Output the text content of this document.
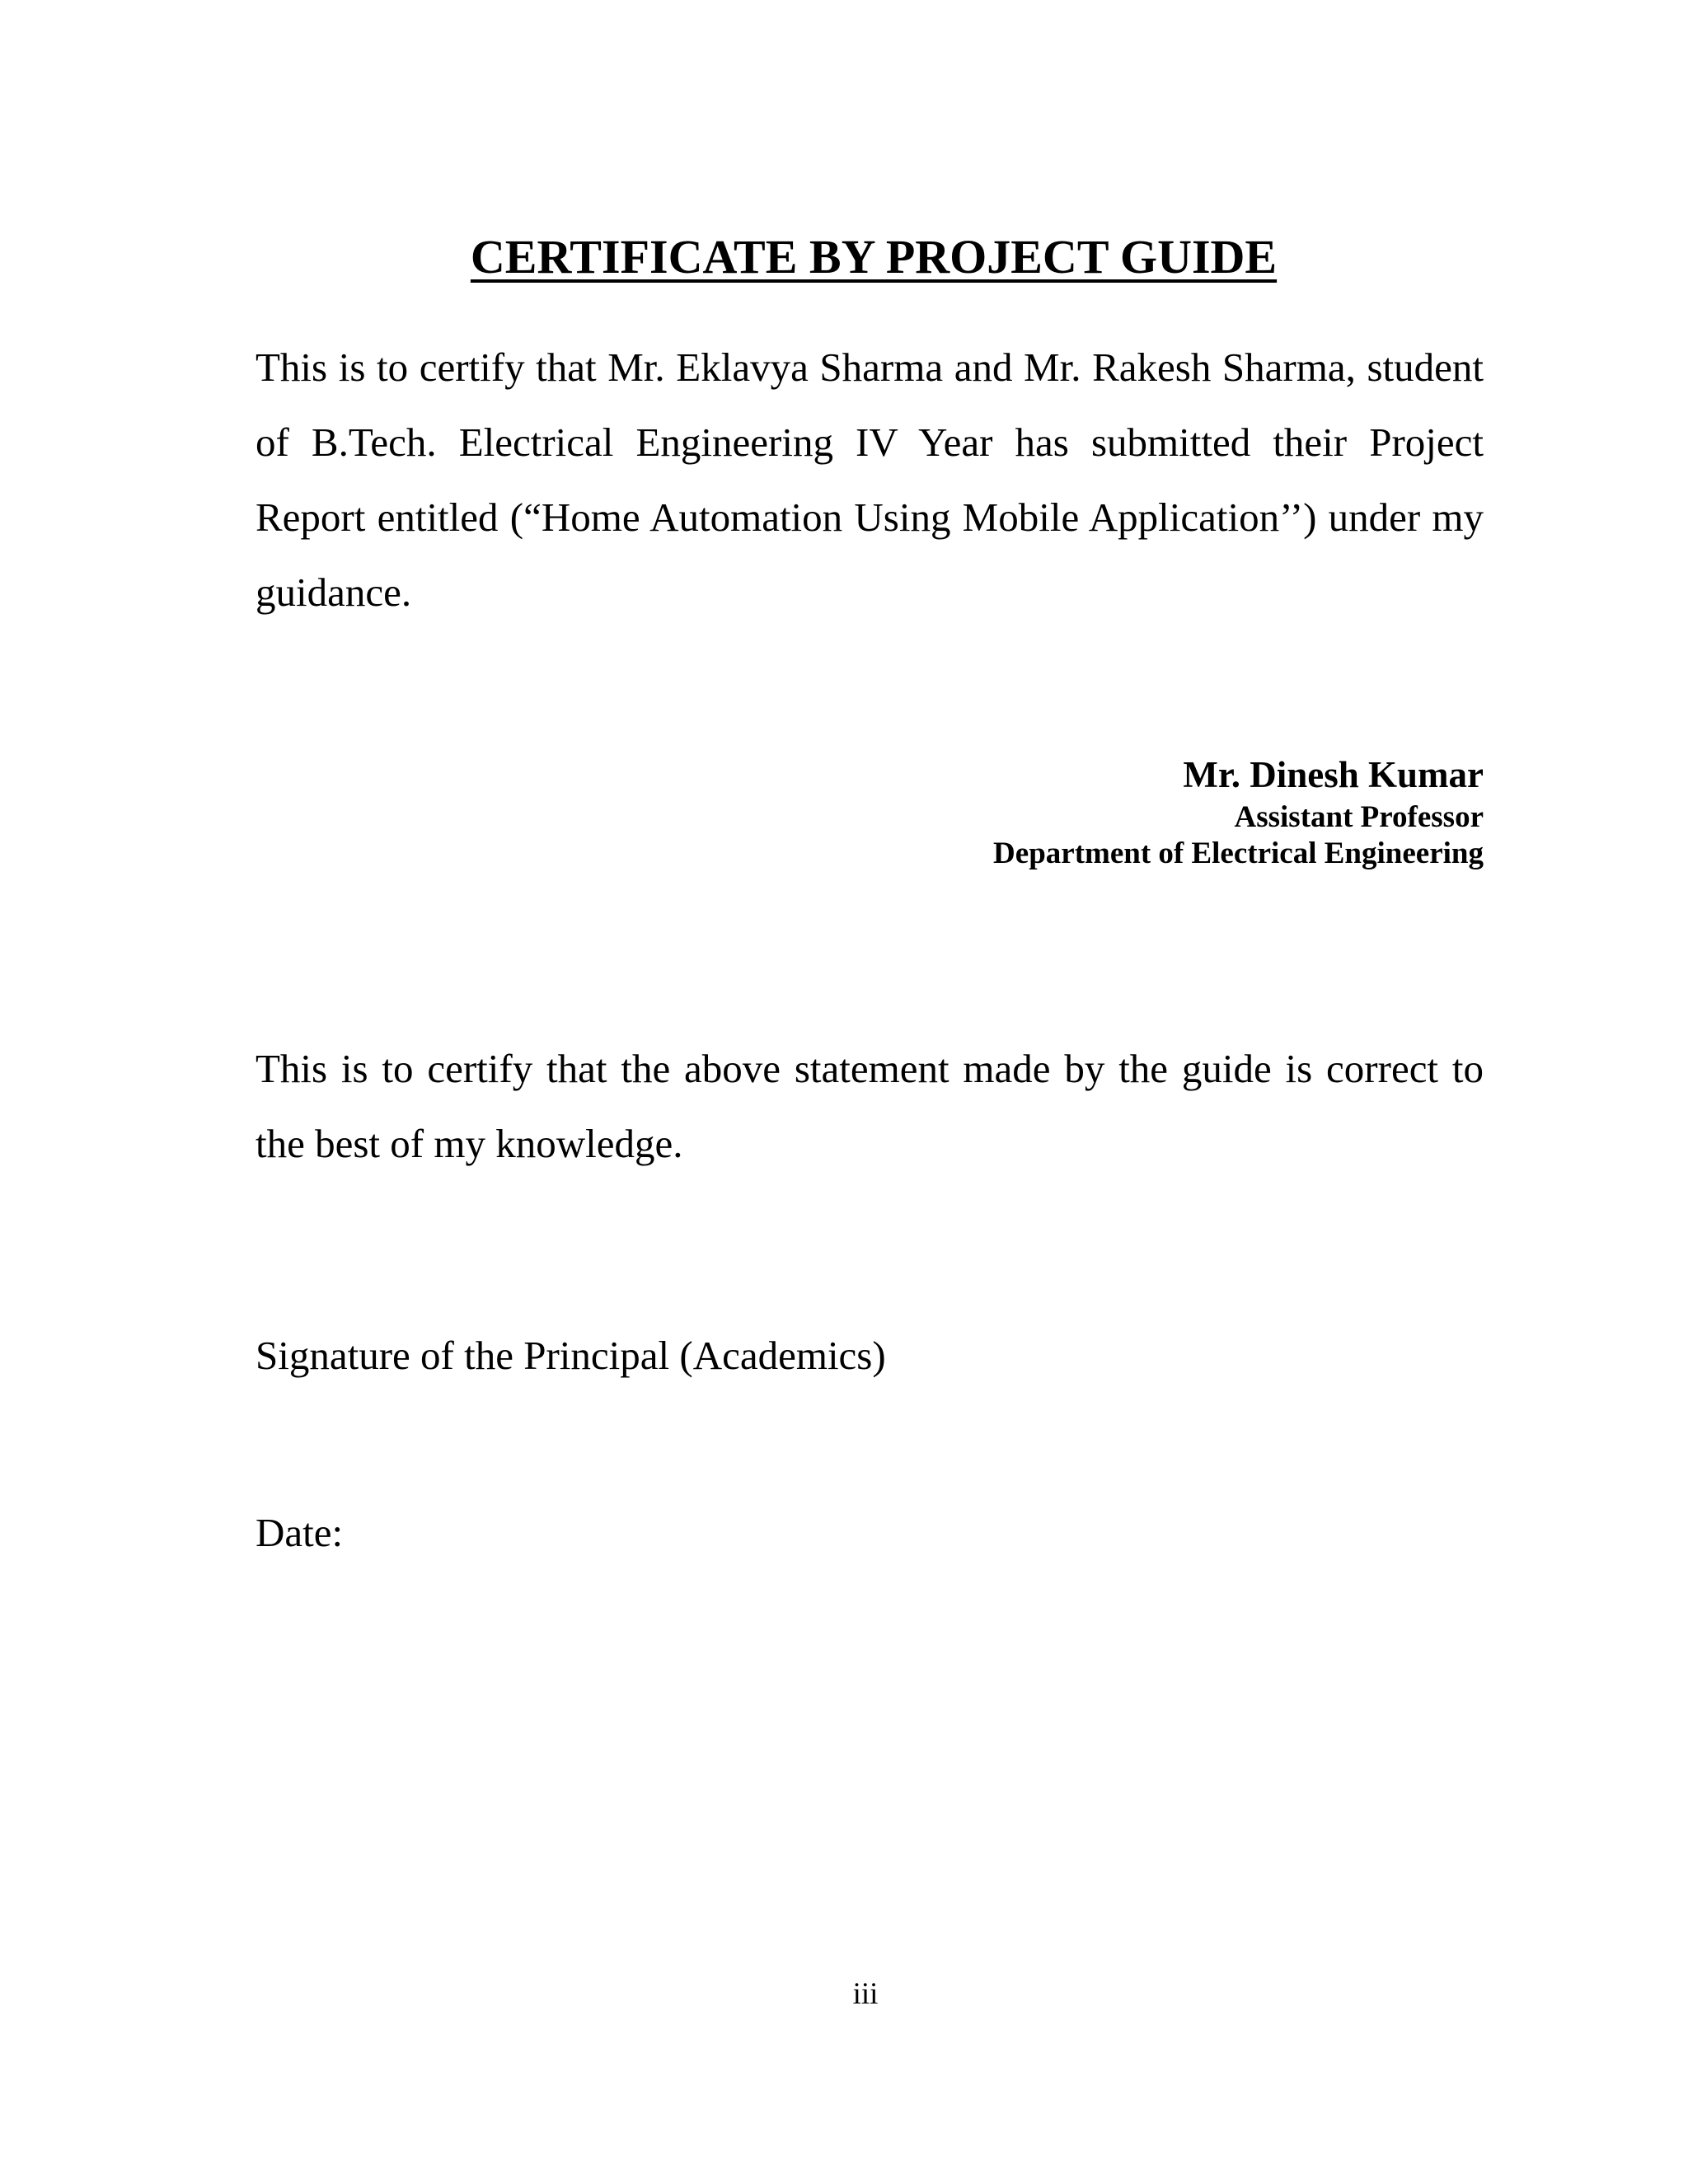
CERTIFICATE BY PROJECT GUIDE

This is to certify that Mr. Eklavya Sharma and Mr. Rakesh Sharma, student of B.Tech. Electrical Engineering IV Year has submitted their Project Report entitled (“Home Automation Using Mobile Application’’) under my guidance.

Mr. Dinesh Kumar
Assistant Professor
Department of Electrical Engineering

This is to certify that the above statement made by the guide is correct to the best of my knowledge.

Signature of the Principal (Academics)

Date:

iii
